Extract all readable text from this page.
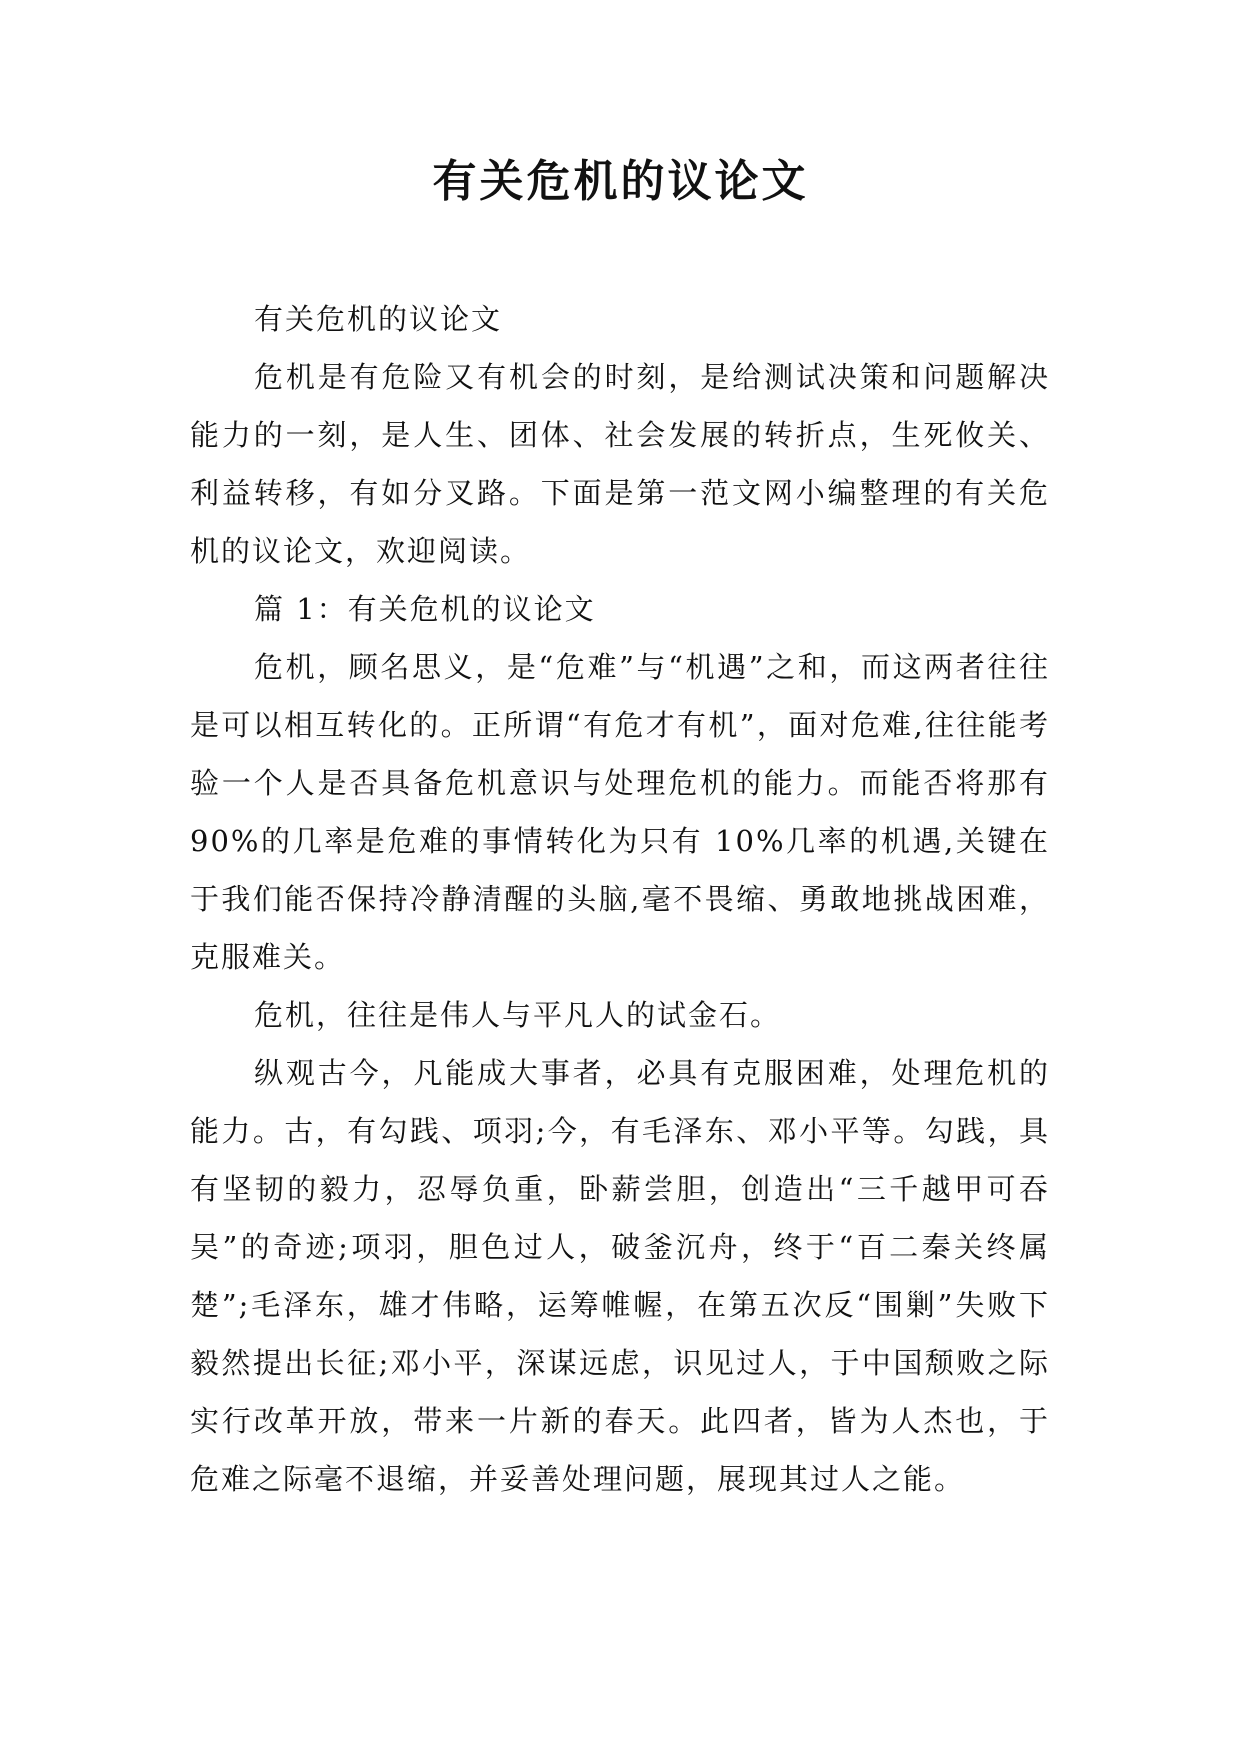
有关危机的议论文

有关危机的议论文

危机是有危险又有机会的时刻，是给测试决策和问题解决能力的一刻，是人生、团体、社会发展的转折点，生死攸关、利益转移，有如分叉路。下面是第一范文网小编整理的有关危机的议论文，欢迎阅读。

篇 1：有关危机的议论文

危机，顾名思义，是“危难”与“机遇”之和，而这两者往往是可以相互转化的。正所谓“有危才有机”，面对危难,往往能考验一个人是否具备危机意识与处理危机的能力。而能否将那有 90%的几率是危难的事情转化为只有 10%几率的机遇,关键在于我们能否保持冷静清醒的头脑,毫不畏缩、勇敢地挑战困难，克服难关。

危机，往往是伟人与平凡人的试金石。

纵观古今，凡能成大事者，必具有克服困难，处理危机的能力。古，有勾践、项羽;今，有毛泽东、邓小平等。勾践，具有坚韧的毅力，忍辱负重，卧薪尝胆，创造出“三千越甲可吞吴”的奇迹;项羽，胆色过人，破釜沉舟，终于“百二秦关终属楚”;毛泽东，雄才伟略，运筹帷幄，在第五次反“围剿”失败下毅然提出长征;邓小平，深谋远虑，识见过人，于中国颓败之际实行改革开放，带来一片新的春天。此四者，皆为人杰也，于危难之际毫不退缩，并妥善处理问题，展现其过人之能。
